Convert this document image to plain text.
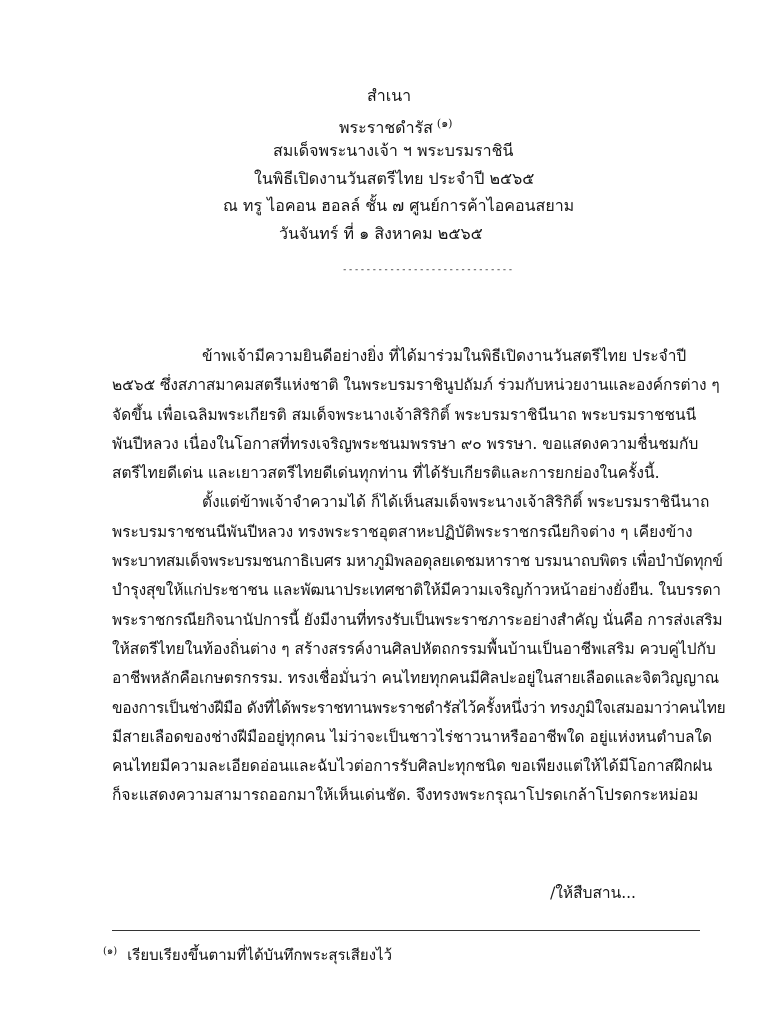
สำเนา
พระราชดำรัส $^{(๑)}$
สมเด็จพระนางเจ้า ฯ พระบรมราชินี
ในพิธีเปิดงานวันสตรีไทย ประจำปี ๒๕๖๕
ณ ทรู ไอคอน ฮอลล์ ชั้น ๗ ศูนย์การค้าไอคอนสยาม
วันจันทร์ ที่ ๑ สิงหาคม ๒๕๖๕
-----------------------------
ข้าพเจ้ามีความยินดีอย่างยิ่ง ที่ได้มาร่วมในพิธีเปิดงานวันสตรีไทย ประจำปี
๒๕๖๕ ซึ่งสภาสมาคมสตรีแห่งชาติ ในพระบรมราชินูปถัมภ์ ร่วมกับหน่วยงานและองค์กรต่าง ๆ
จัดขึ้น เพื่อเฉลิมพระเกียรติ สมเด็จพระนางเจ้าสิริกิติ์ พระบรมราชินีนาถ พระบรมราชชนนี
พันปีหลวง เนื่องในโอกาสที่ทรงเจริญพระชนมพรรษา ๙๐ พรรษา. ขอแสดงความชื่นชมกับ
สตรีไทยดีเด่น และเยาวสตรีไทยดีเด่นทุกท่าน ที่ได้รับเกียรติและการยกย่องในครั้งนี้.
ตั้งแต่ข้าพเจ้าจำความได้ ก็ได้เห็นสมเด็จพระนางเจ้าสิริกิติ์ พระบรมราชินีนาถ
พระบรมราชชนนีพันปีหลวง ทรงพระราชอุตสาหะปฏิบัติพระราชกรณียกิจต่าง ๆ เคียงข้าง
พระบาทสมเด็จพระบรมชนกาธิเบศร มหาภูมิพลอดุลยเดชมหาราช บรมนาถบพิตร เพื่อบำบัดทุกข์
บำรุงสุขให้แก่ประชาชน และพัฒนาประเทศชาติให้มีความเจริญก้าวหน้าอย่างยั่งยืน. ในบรรดา
พระราชกรณียกิจนานัปการนี้ ยังมีงานที่ทรงรับเป็นพระราชภาระอย่างสำคัญ นั่นคือ การส่งเสริม
ให้สตรีไทยในท้องถิ่นต่าง ๆ สร้างสรรค์งานศิลปหัตถกรรมพื้นบ้านเป็นอาชีพเสริม ควบคู่ไปกับ
อาชีพหลักคือเกษตรกรรม. ทรงเชื่อมั่นว่า คนไทยทุกคนมีศิลปะอยู่ในสายเลือดและจิตวิญญาณ
ของการเป็นช่างฝีมือ ดังที่ได้พระราชทานพระราชดำรัสไว้ครั้งหนึ่งว่า ทรงภูมิใจเสมอมาว่าคนไทย
มีสายเลือดของช่างฝีมืออยู่ทุกคน ไม่ว่าจะเป็นชาวไร่ชาวนาหรืออาชีพใด อยู่แห่งหนตำบลใด
คนไทยมีความละเอียดอ่อนและฉับไวต่อการรับศิลปะทุกชนิด ขอเพียงแต่ให้ได้มีโอกาสฝึกฝน
ก็จะแสดงความสามารถออกมาให้เห็นเด่นชัด. จึงทรงพระกรุณาโปรดเกล้าโปรดกระหม่อม
/ให้สืบสาน...
$^{(๑)}$ เรียบเรียงขึ้นตามที่ได้บันทึกพระสุรเสียงไว้
